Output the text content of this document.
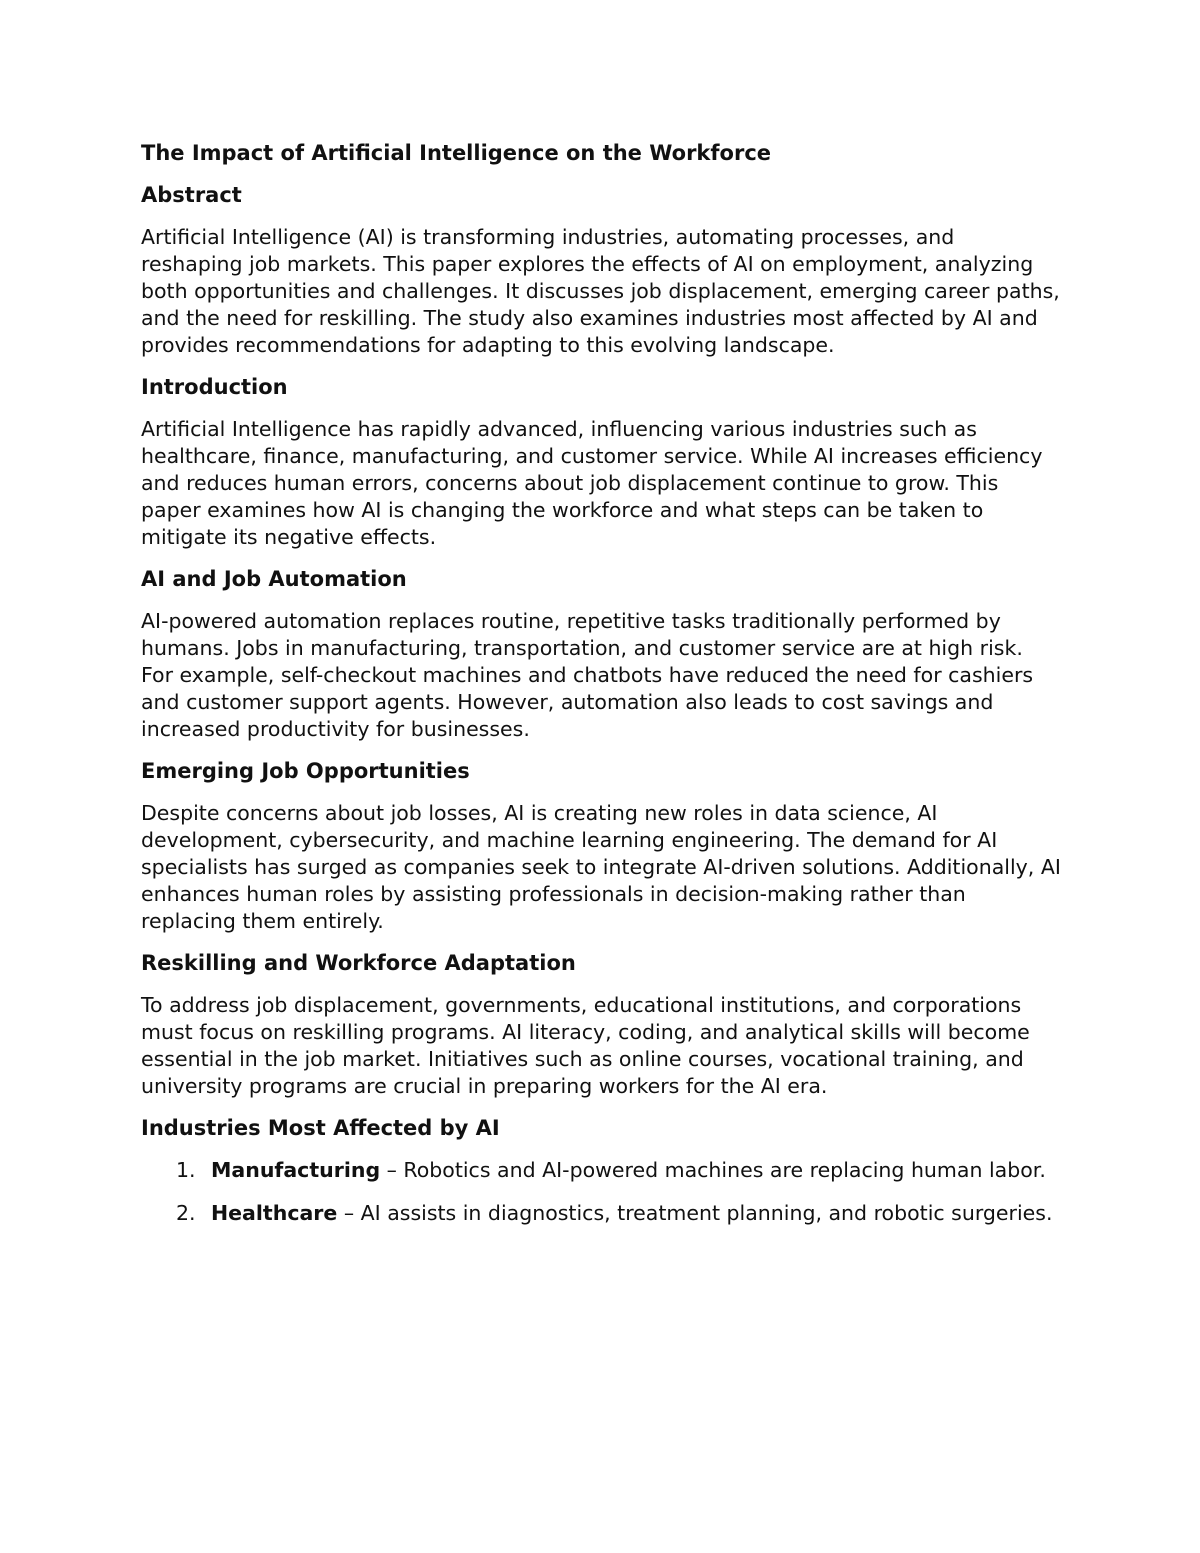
The Impact of Artificial Intelligence on the Workforce

Abstract

Artificial Intelligence (AI) is transforming industries, automating processes, and reshaping job markets. This paper explores the effects of AI on employment, analyzing both opportunities and challenges. It discusses job displacement, emerging career paths, and the need for reskilling. The study also examines industries most affected by AI and provides recommendations for adapting to this evolving landscape.

Introduction

Artificial Intelligence has rapidly advanced, influencing various industries such as healthcare, finance, manufacturing, and customer service. While AI increases efficiency and reduces human errors, concerns about job displacement continue to grow. This paper examines how AI is changing the workforce and what steps can be taken to mitigate its negative effects.

AI and Job Automation

AI-powered automation replaces routine, repetitive tasks traditionally performed by humans. Jobs in manufacturing, transportation, and customer service are at high risk. For example, self-checkout machines and chatbots have reduced the need for cashiers and customer support agents. However, automation also leads to cost savings and increased productivity for businesses.

Emerging Job Opportunities

Despite concerns about job losses, AI is creating new roles in data science, AI development, cybersecurity, and machine learning engineering. The demand for AI specialists has surged as companies seek to integrate AI-driven solutions. Additionally, AI enhances human roles by assisting professionals in decision-making rather than replacing them entirely.

Reskilling and Workforce Adaptation

To address job displacement, governments, educational institutions, and corporations must focus on reskilling programs. AI literacy, coding, and analytical skills will become essential in the job market. Initiatives such as online courses, vocational training, and university programs are crucial in preparing workers for the AI era.

Industries Most Affected by AI
1. Manufacturing – Robotics and AI-powered machines are replacing human labor.
2. Healthcare – AI assists in diagnostics, treatment planning, and robotic surgeries.
